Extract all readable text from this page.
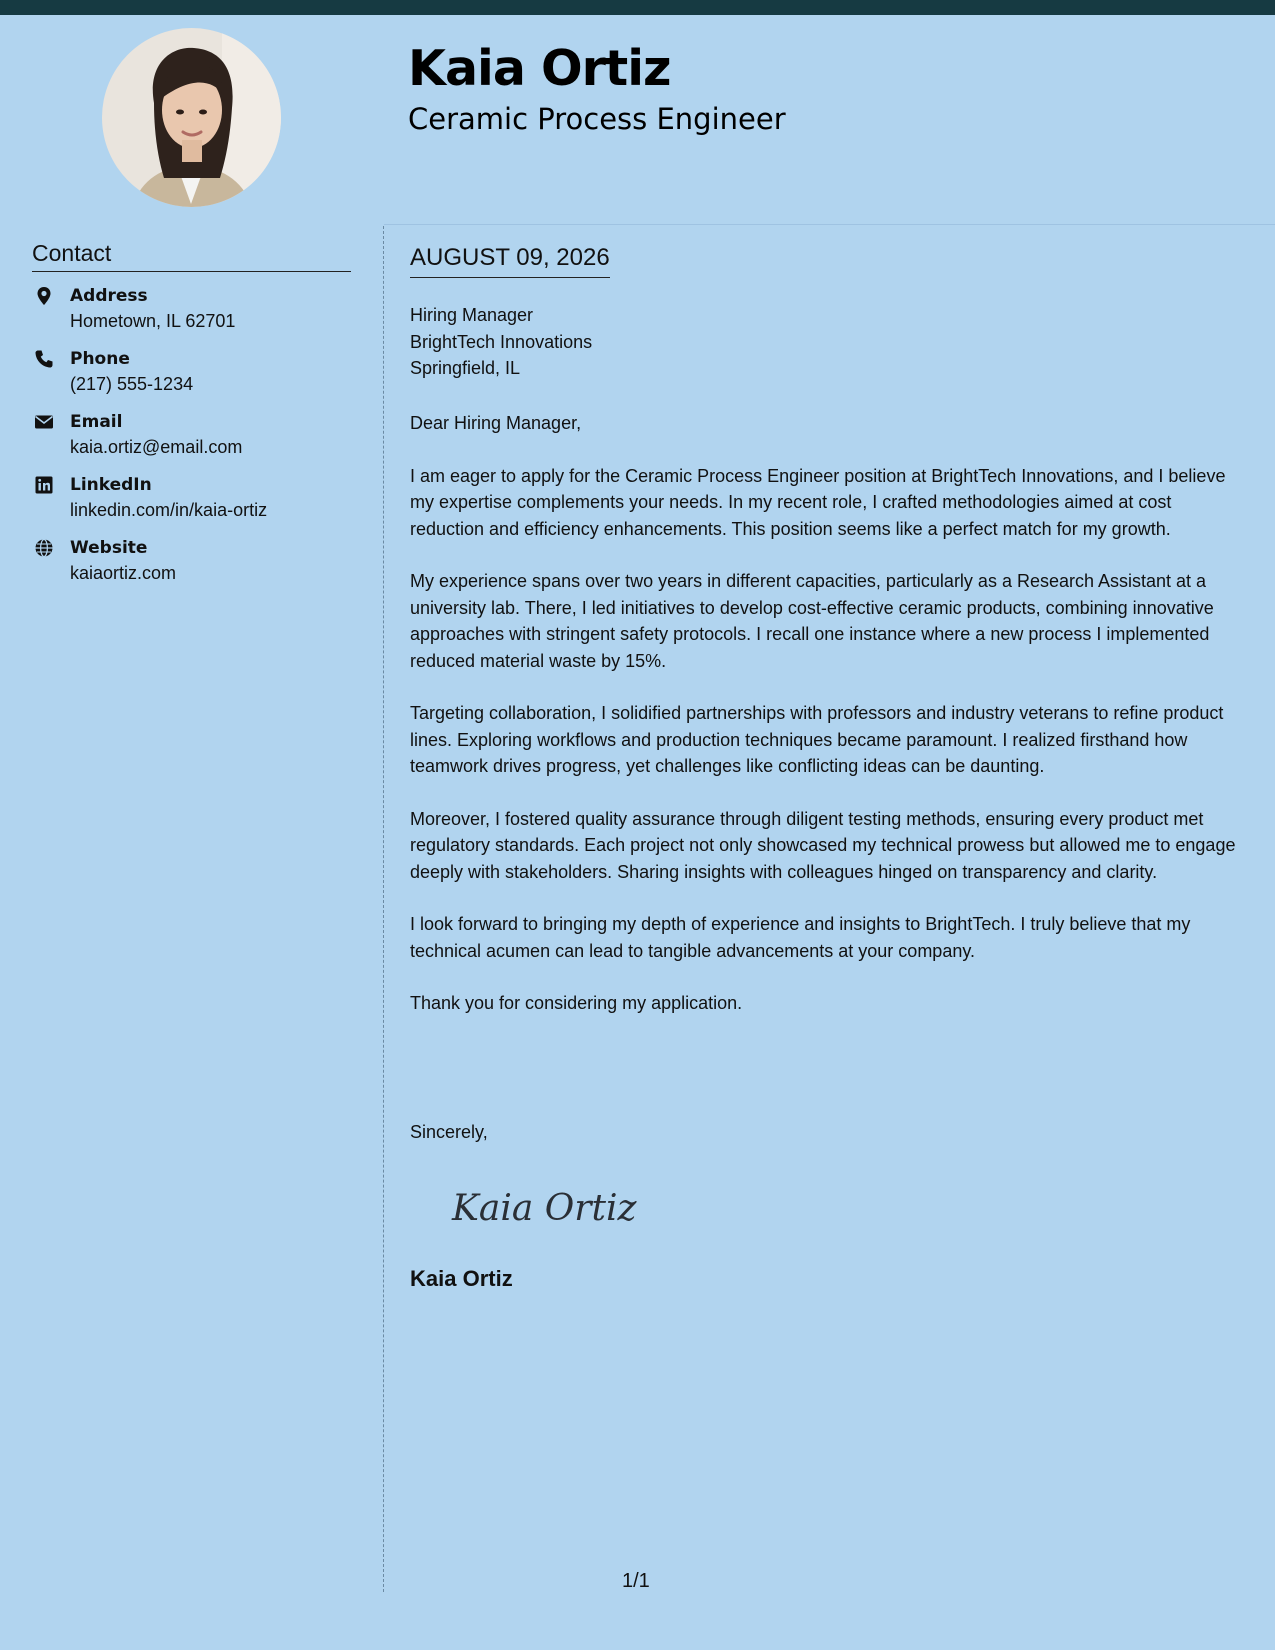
Kaia Ortiz
Ceramic Process Engineer
Contact
Address
Hometown, IL 62701
Phone
(217) 555-1234
Email
kaia.ortiz@email.com
LinkedIn
linkedin.com/in/kaia-ortiz
Website
kaiaortiz.com
AUGUST 09, 2026
Hiring Manager
BrightTech Innovations
Springfield, IL

Dear Hiring Manager,

I am eager to apply for the Ceramic Process Engineer position at BrightTech Innovations, and I believe my expertise complements your needs. In my recent role, I crafted methodologies aimed at cost reduction and efficiency enhancements. This position seems like a perfect match for my growth.

My experience spans over two years in different capacities, particularly as a Research Assistant at a university lab. There, I led initiatives to develop cost-effective ceramic products, combining innovative approaches with stringent safety protocols. I recall one instance where a new process I implemented reduced material waste by 15%.

Targeting collaboration, I solidified partnerships with professors and industry veterans to refine product lines. Exploring workflows and production techniques became paramount. I realized firsthand how teamwork drives progress, yet challenges like conflicting ideas can be daunting.

Moreover, I fostered quality assurance through diligent testing methods, ensuring every product met regulatory standards. Each project not only showcased my technical prowess but allowed me to engage deeply with stakeholders. Sharing insights with colleagues hinged on transparency and clarity.

I look forward to bringing my depth of experience and insights to BrightTech. I truly believe that my technical acumen can lead to tangible advancements at your company.

Thank you for considering my application.

Sincerely,
Kaia Ortiz
Kaia Ortiz
1/1
